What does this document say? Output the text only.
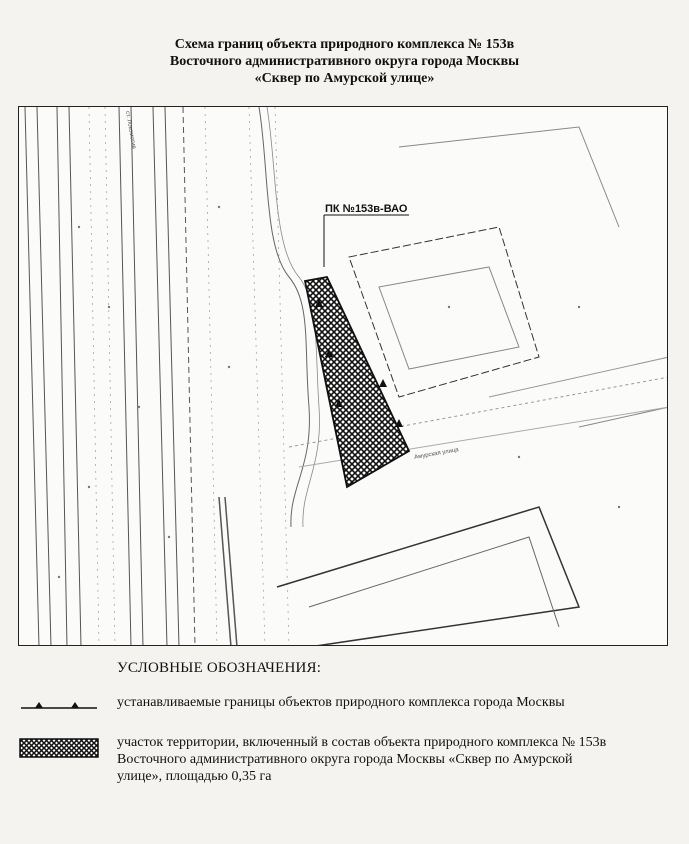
Схема границ объекта природного комплекса № 153в
Восточного административного округа города Москвы
«Сквер по Амурской улице»
ПК №153в-ВАО
Амурская улица
ст. Локомотив
УСЛОВНЫЕ ОБОЗНАЧЕНИЯ:
устанавливаемые границы объектов природного комплекса города Москвы
участок территории, включенный в состав объекта природного комплекса № 153в
Восточного административного округа города Москвы «Сквер по Амурской
улице», площадью 0,35 га
